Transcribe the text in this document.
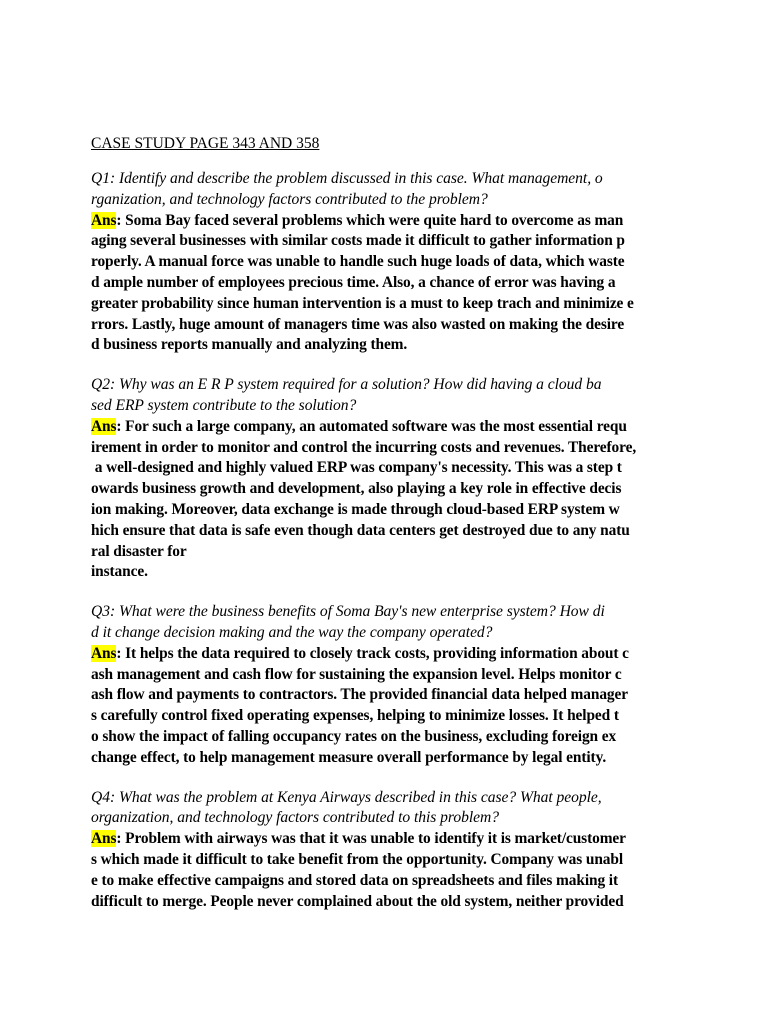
CASE STUDY PAGE 343 AND 358
Q1: Identify and describe the problem discussed in this case. What management, o
rganization, and technology factors contributed to the problem?
Ans: Soma Bay faced several problems which were quite hard to overcome as man
aging several businesses with similar costs made it difficult to gather information p
roperly. A manual force was unable to handle such huge loads of data, which waste
d ample number of employees precious time. Also, a chance of error was having a
greater probability since human intervention is a must to keep trach and minimize e
rrors. Lastly, huge amount of managers time was also wasted on making the desire
d business reports manually and analyzing them.
Q2: Why was an E R P system required for a solution? How did having a cloud ba
sed ERP system contribute to the solution?
Ans: For such a large company, an automated software was the most essential requ
irement in order to monitor and control the incurring costs and revenues. Therefore,
a well-designed and highly valued ERP was company's necessity. This was a step t
owards business growth and development, also playing a key role in effective decis
ion making. Moreover, data exchange is made through cloud-based ERP system w
hich ensure that data is safe even though data centers get destroyed due to any natu
ral disaster for
instance.
Q3: What were the business benefits of Soma Bay's new enterprise system? How di
d it change decision making and the way the company operated?
Ans: It helps the data required to closely track costs, providing information about c
ash management and cash flow for sustaining the expansion level. Helps monitor c
ash flow and payments to contractors. The provided financial data helped manager
s carefully control fixed operating expenses, helping to minimize losses. It helped t
o show the impact of falling occupancy rates on the business, excluding foreign ex
change effect, to help management measure overall performance by legal entity.
Q4: What was the problem at Kenya Airways described in this case? What people,
organization, and technology factors contributed to this problem?
Ans: Problem with airways was that it was unable to identify it is market/customer
s which made it difficult to take benefit from the opportunity. Company was unabl
e to make effective campaigns and stored data on spreadsheets and files making it
difficult to merge. People never complained about the old system, neither provided
